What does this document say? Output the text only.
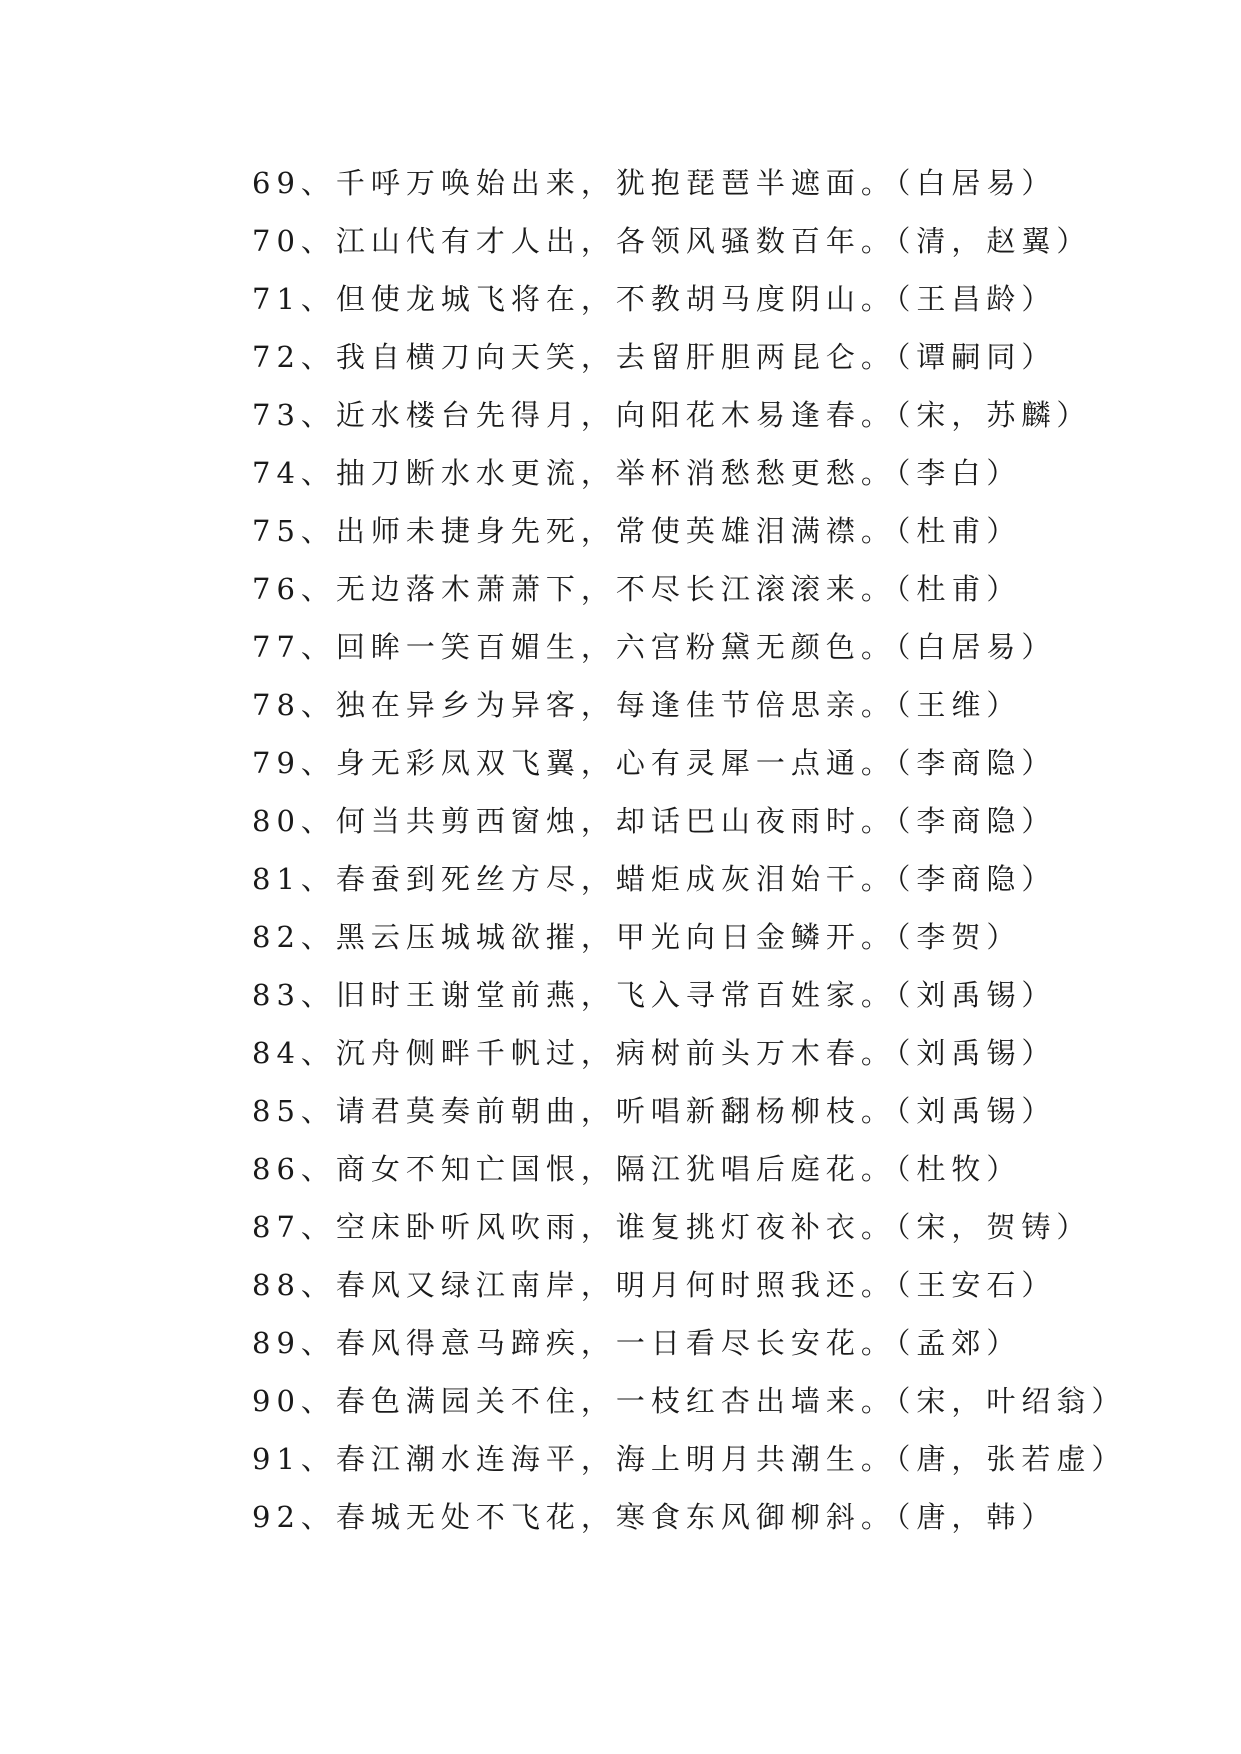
69、千呼万唤始出来，犹抱琵琶半遮面。（白居易）
70、江山代有才人出，各领风骚数百年。（清，赵翼）
71、但使龙城飞将在，不教胡马度阴山。（王昌龄）
72、我自横刀向天笑，去留肝胆两昆仑。（谭嗣同）
73、近水楼台先得月，向阳花木易逢春。（宋，苏麟）
74、抽刀断水水更流，举杯消愁愁更愁。（李白）
75、出师未捷身先死，常使英雄泪满襟。（杜甫）
76、无边落木萧萧下，不尽长江滚滚来。（杜甫）
77、回眸一笑百媚生，六宫粉黛无颜色。（白居易）
78、独在异乡为异客，每逢佳节倍思亲。（王维）
79、身无彩凤双飞翼，心有灵犀一点通。（李商隐）
80、何当共剪西窗烛，却话巴山夜雨时。（李商隐）
81、春蚕到死丝方尽，蜡炬成灰泪始干。（李商隐）
82、黑云压城城欲摧，甲光向日金鳞开。（李贺）
83、旧时王谢堂前燕，飞入寻常百姓家。（刘禹锡）
84、沉舟侧畔千帆过，病树前头万木春。（刘禹锡）
85、请君莫奏前朝曲，听唱新翻杨柳枝。（刘禹锡）
86、商女不知亡国恨，隔江犹唱后庭花。（杜牧）
87、空床卧听风吹雨，谁复挑灯夜补衣。（宋，贺铸）
88、春风又绿江南岸，明月何时照我还。（王安石）
89、春风得意马蹄疾，一日看尽长安花。（孟郊）
90、春色满园关不住，一枝红杏出墙来。（宋，叶绍翁）
91、春江潮水连海平，海上明月共潮生。（唐，张若虚）
92、春城无处不飞花，寒食东风御柳斜。（唐，韩）
